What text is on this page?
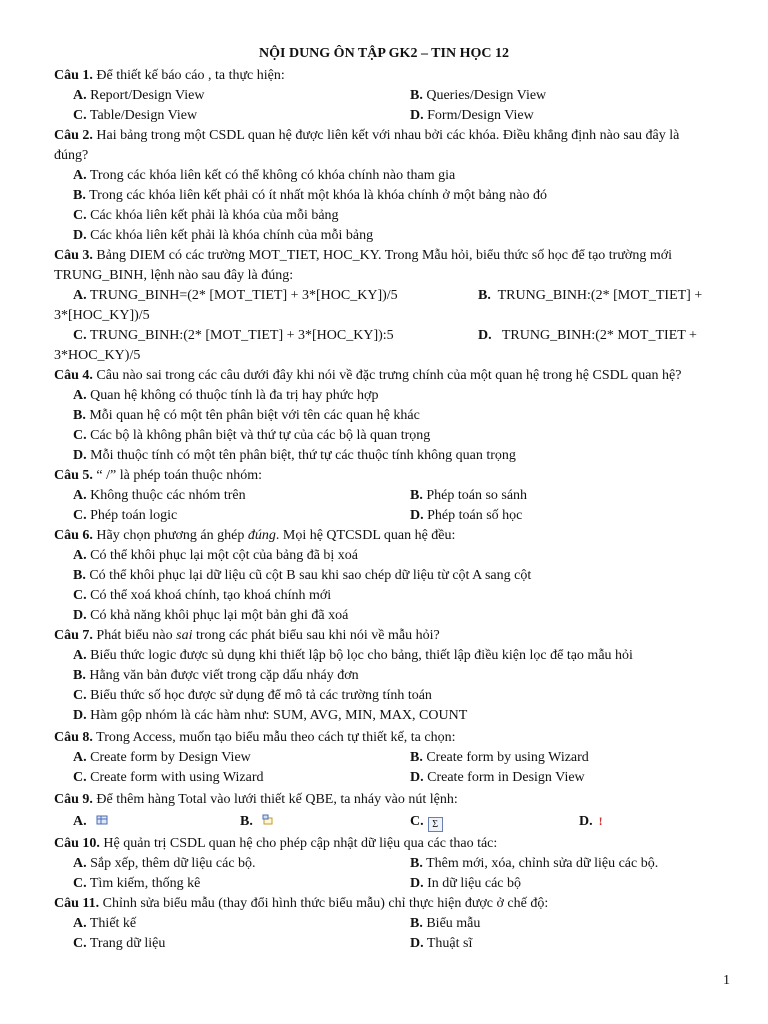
NỘI DUNG ÔN TẬP GK2 – TIN HỌC 12
Câu 1. Để thiết kế báo cáo , ta thực hiện:
A. Report/Design View	B. Queries/Design View
C. Table/Design View	D. Form/Design View
Câu 2. Hai bảng trong một CSDL quan hệ được liên kết với nhau bởi các khóa. Điều khẳng định nào sau đây là
đúng?
A. Trong các khóa liên kết có thể không có khóa chính nào tham gia
B. Trong các khóa liên kết phải có ít nhất một khóa là khóa chính ở một bảng nào đó
C. Các khóa liên kết phải là khóa của mỗi bảng
D. Các khóa liên kết phải là khóa chính của mỗi bảng
Câu 3. Bảng DIEM có các trường MOT_TIET, HOC_KY. Trong Mẫu hỏi, biểu thức số học để tạo trường mới
TRUNG_BINH, lệnh nào sau đây là đúng:
A. TRUNG_BINH=(2* [MOT_TIET] + 3*[HOC_KY])/5	B. TRUNG_BINH:(2* [MOT_TIET] +
3*[HOC_KY])/5
C. TRUNG_BINH:(2* [MOT_TIET] + 3*[HOC_KY]):5	D. TRUNG_BINH:(2* MOT_TIET +
3*HOC_KY)/5
Câu 4. Câu nào sai trong các câu dưới đây khi nói về đặc trưng chính của một quan hệ trong hệ CSDL quan hệ?
A. Quan hệ không có thuộc tính là đa trị hay phức hợp
B. Mỗi quan hệ có một tên phân biệt với tên các quan hệ khác
C. Các bộ là không phân biệt và thứ tự của các bộ là quan trọng
D. Mỗi thuộc tính có một tên phân biệt, thứ tự các thuộc tính không quan trọng
Câu 5. “ /” là phép toán thuộc nhóm:
A. Không thuộc các nhóm trên	B. Phép toán so sánh
C. Phép toán logic	D. Phép toán số học
Câu 6. Hãy chọn phương án ghép đúng. Mọi hệ QTCSDL quan hệ đều:
A. Có thể khôi phục lại một cột của bảng đã bị xoá
B. Có thể khôi phục lại dữ liệu cũ cột B sau khi sao chép dữ liệu từ cột A sang cột
C. Có thể xoá khoá chính, tạo khoá chính mới
D. Có khả năng khôi phục lại một bản ghi đã xoá
Câu 7. Phát biểu nào sai trong các phát biểu sau khi nói về mẫu hỏi?
A. Biểu thức logic được sủ dụng khi thiết lập bộ lọc cho bảng, thiết lập điều kiện lọc để tạo mẫu hỏi
B. Hằng văn bản được viết trong cặp dấu nháy đơn
C. Biểu thức số học được sử dụng để mô tả các trường tính toán
D. Hàm gộp nhóm là các hàm như: SUM, AVG, MIN, MAX, COUNT
Câu 8. Trong Access, muốn tạo biểu mẫu theo cách tự thiết kế, ta chọn:
A. Create form by Design View	B. Create form by using Wizard
C. Create form with using Wizard	D. Create form in Design View
Câu 9. Để thêm hàng Total vào lưới thiết kế QBE, ta nháy vào nút lệnh:
A.	B.	C. Σ	D. !
Câu 10. Hệ quản trị CSDL quan hệ cho phép cập nhật dữ liệu qua các thao tác:
A. Sắp xếp, thêm dữ liệu các bộ.	B. Thêm mới, xóa, chỉnh sửa dữ liệu các bộ.
C. Tìm kiếm, thống kê	D. In dữ liệu các bộ
Câu 11. Chỉnh sửa biểu mẫu (thay đổi hình thức biểu mẫu) chỉ thực hiện được ở chế độ:
A. Thiết kế	B. Biểu mẫu
C. Trang dữ liệu	D. Thuật sĩ
1
